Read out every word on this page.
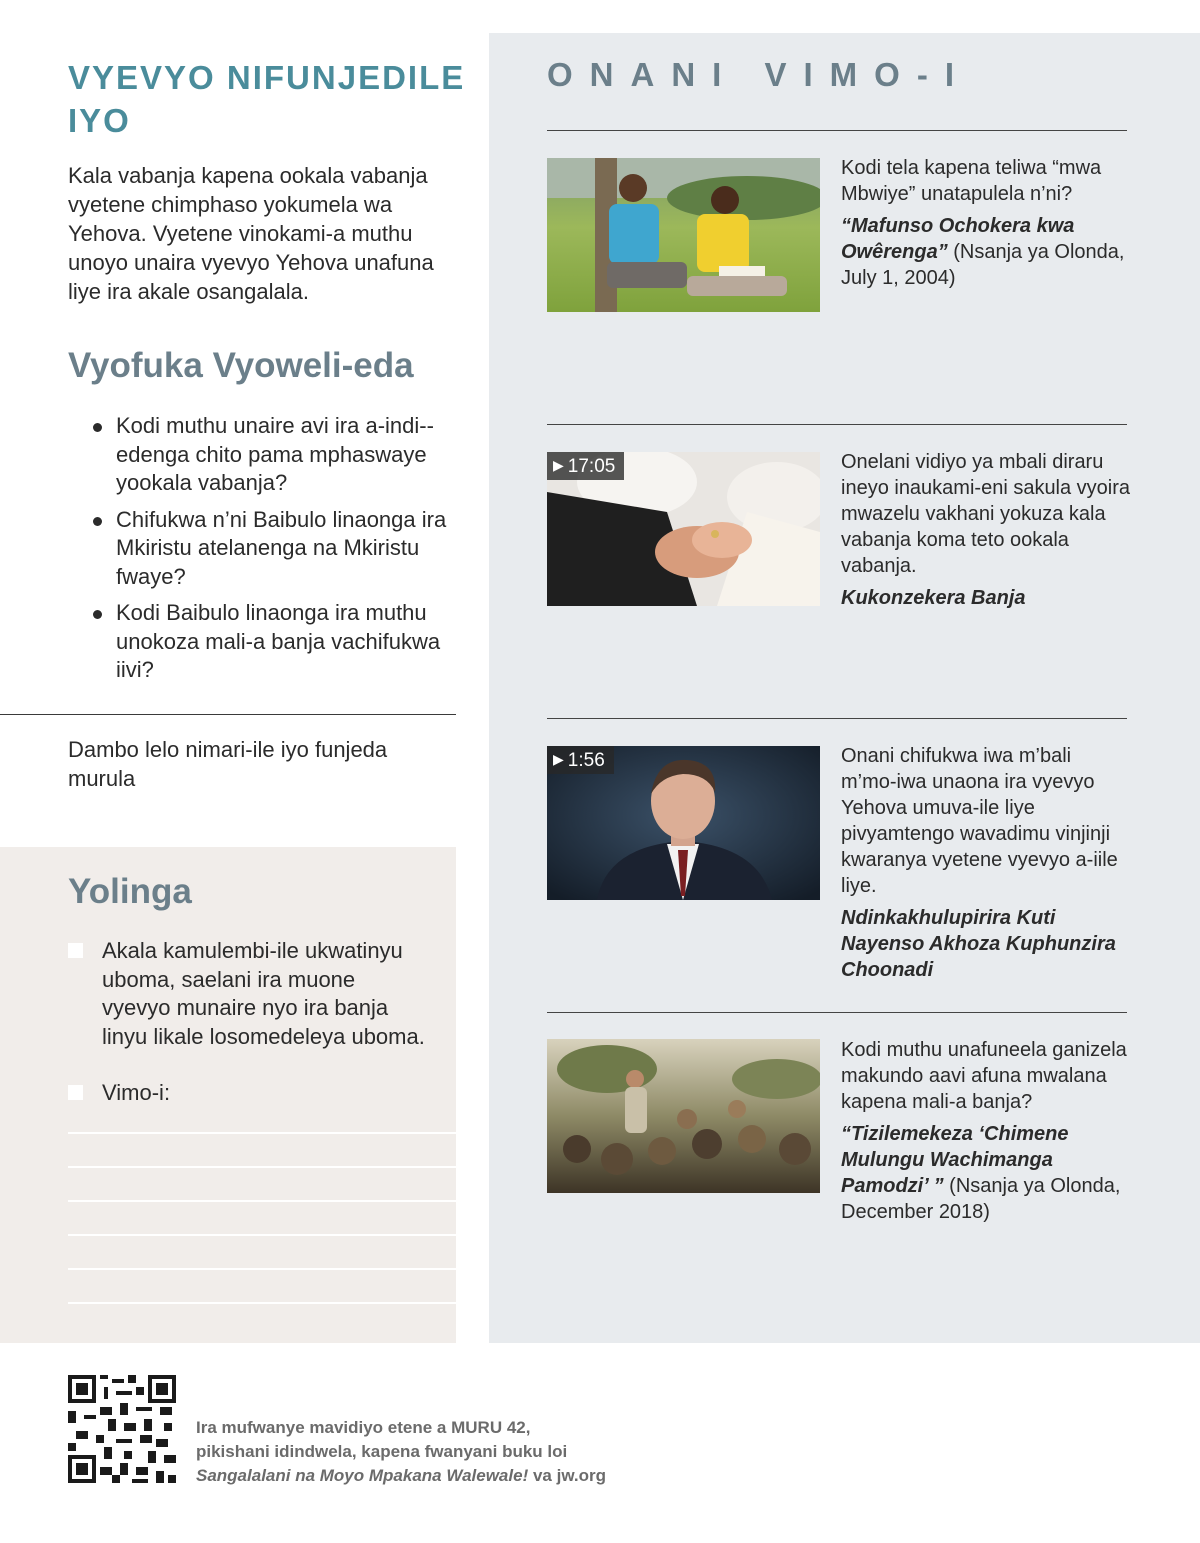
VYEVYO NIFUNJEDILE IYO

Kala vabanja kapena ookala vabanja vyetene chimphaso yokumela wa Yehova. Vyetene vinokami-a muthu unoyo unaira vyevyo Yehova unafuna liye ira akale osangalala.

Vyofuka Vyoweli-eda
Kodi muthu unaire avi ira a-indi--edenga chito pama mphaswaye yookala vabanja?
Chifukwa n’ni Baibulo linaonga ira Mkiristu atelanenga na Mkiristu fwaye?
Kodi Baibulo linaonga ira muthu unokoza mali-a banja vachifukwa iivi?

Dambo lelo nimari-ile iyo funjeda murula

Yolinga
Akala kamulembi-ile ukwatinyu uboma, saelani ira muone vyevyo munaire nyo ira banja linyu likale losomedeleya uboma.
Vimo-i:
ONANI VIMO-I

Kodi tela kapena teliwa “mwa Mbwiye” unatapulela n’ni?

“Mafunso Ochokera kwa Owêrenga” (Nsanja ya Olonda, July 1, 2004)

▶ 17:05	Onelani vidiyo ya mbali diraru ineyo inaukami-eni sakula vyoira mwazelu vakhani yokuza kala vabanja koma teto ookala vabanja.

Kukonzekera Banja

▶ 1:56	Onani chifukwa iwa m’bali m’mo-iwa unaona ira vyevyo Yehova umuva-ile liye pivyamtengo wavadimu vinjinji kwaranya vyetene vyevyo a-iile liye.

Ndinkakhulupirira Kuti Nayenso Akhoza Kuphunzira Choonadi

Kodi muthu unafuneela ganizela makundo aavi afuna mwalana kapena mali-a banja?

“Tizilemekeza ‘Chimene Mulungu Wachimanga Pamodzi’ ” (Nsanja ya Olonda, December 2018)

Ira mufwanye mavidiyo etene a MURU 42,
pikishani idindwela, kapena fwanyani buku loi
Sangalalani na Moyo Mpakana Walewale! va jw.org
